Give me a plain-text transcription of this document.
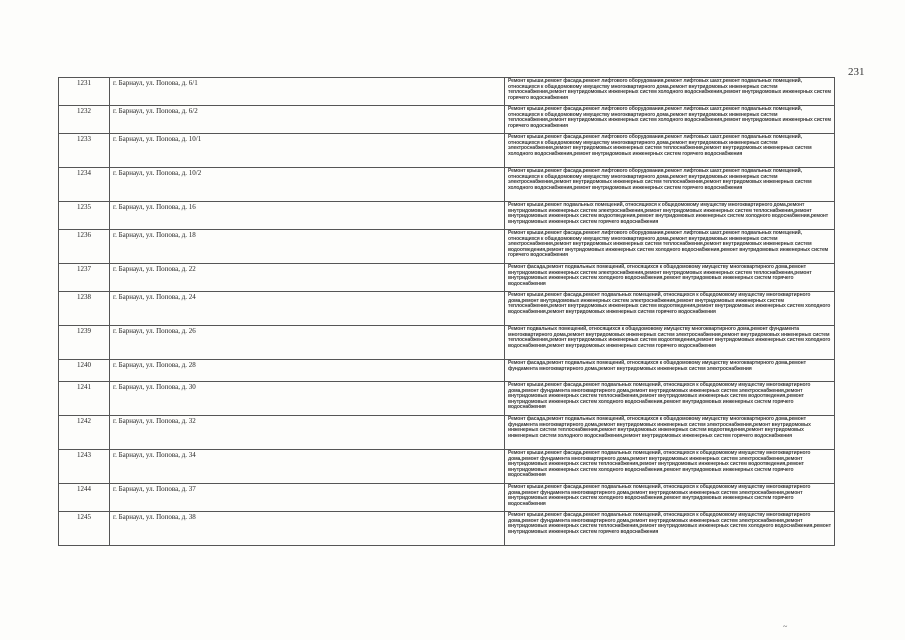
231
1231	г. Барнаул, ул. Попова, д. 6/1	Ремонт крыши,ремонт фасада,ремонт лифтового оборудования,ремонт лифтовых шахт,ремонт подвальных помещений, относящихся к общедомовому имуществу многоквартирного дома,ремонт внутридомовых инженерных систем теплоснабжения,ремонт внутридомовых инженерных систем холодного водоснабжения,ремонт внутридомовых инженерных систем горячего водоснабжения
1232	г. Барнаул, ул. Попова, д. 6/2	Ремонт крыши,ремонт фасада,ремонт лифтового оборудования,ремонт лифтовых шахт,ремонт подвальных помещений, относящихся к общедомовому имуществу многоквартирного дома,ремонт внутридомовых инженерных систем теплоснабжения,ремонт внутридомовых инженерных систем холодного водоснабжения,ремонт внутридомовых инженерных систем горячего водоснабжения
1233	г. Барнаул, ул. Попова, д. 10/1	Ремонт крыши,ремонт фасада,ремонт лифтового оборудования,ремонт лифтовых шахт,ремонт подвальных помещений, относящихся к общедомовому имуществу многоквартирного дома,ремонт внутридомовых инженерных систем электроснабжения,ремонт внутридомовых инженерных систем теплоснабжения,ремонт внутридомовых инженерных систем холодного водоснабжения,ремонт внутридомовых инженерных систем горячего водоснабжения
1234	г. Барнаул, ул. Попова, д. 10/2	Ремонт крыши,ремонт фасада,ремонт лифтового оборудования,ремонт лифтовых шахт,ремонт подвальных помещений, относящихся к общедомовому имуществу многоквартирного дома,ремонт внутридомовых инженерных систем электроснабжения,ремонт внутридомовых инженерных систем теплоснабжения,ремонт внутридомовых инженерных систем холодного водоснабжения,ремонт внутридомовых инженерных систем горячего водоснабжения
1235	г. Барнаул, ул. Попова, д. 16	Ремонт крыши,ремонт подвальных помещений, относящихся к общедомовому имуществу многоквартирного дома,ремонт внутридомовых инженерных систем электроснабжения,ремонт внутридомовых инженерных систем теплоснабжения,ремонт внутридомовых инженерных систем водоотведения,ремонт внутридомовых инженерных систем холодного водоснабжения,ремонт внутридомовых инженерных систем горячего водоснабжения
1236	г. Барнаул, ул. Попова, д. 18	Ремонт крыши,ремонт фасада,ремонт лифтового оборудования,ремонт лифтовых шахт,ремонт подвальных помещений, относящихся к общедомовому имуществу многоквартирного дома,ремонт внутридомовых инженерных систем электроснабжения,ремонт внутридомовых инженерных систем теплоснабжения,ремонт внутридомовых инженерных систем водоотведения,ремонт внутридомовых инженерных систем холодного водоснабжения,ремонт внутридомовых инженерных систем горячего водоснабжения
1237	г. Барнаул, ул. Попова, д. 22	Ремонт фасада,ремонт подвальных помещений, относящихся к общедомовому имуществу многоквартирного дома,ремонт внутридомовых инженерных систем электроснабжения,ремонт внутридомовых инженерных систем теплоснабжения,ремонт внутридомовых инженерных систем холодного водоснабжения,ремонт внутридомовых инженерных систем горячего водоснабжения
1238	г. Барнаул, ул. Попова, д. 24	Ремонт крыши,ремонт фасада,ремонт подвальных помещений, относящихся к общедомовому имуществу многоквартирного дома,ремонт внутридомовых инженерных систем электроснабжения,ремонт внутридомовых инженерных систем теплоснабжения,ремонт внутридомовых инженерных систем водоотведения,ремонт внутридомовых инженерных систем холодного водоснабжения,ремонт внутридомовых инженерных систем горячего водоснабжения
1239	г. Барнаул, ул. Попова, д. 26	Ремонт подвальных помещений, относящихся к общедомовому имуществу многоквартирного дома,ремонт фундамента многоквартирного дома,ремонт внутридомовых инженерных систем электроснабжения,ремонт внутридомовых инженерных систем теплоснабжения,ремонт внутридомовых инженерных систем водоотведения,ремонт внутридомовых инженерных систем холодного водоснабжения,ремонт внутридомовых инженерных систем горячего водоснабжения
1240	г. Барнаул, ул. Попова, д. 28	Ремонт фасада,ремонт подвальных помещений, относящихся к общедомовому имуществу многоквартирного дома,ремонт фундамента многоквартирного дома,ремонт внутридомовых инженерных систем электроснабжения
1241	г. Барнаул, ул. Попова, д. 30	Ремонт крыши,ремонт фасада,ремонт подвальных помещений, относящихся к общедомовому имуществу многоквартирного дома,ремонт фундамента многоквартирного дома,ремонт внутридомовых инженерных систем электроснабжения,ремонт внутридомовых инженерных систем теплоснабжения,ремонт внутридомовых инженерных систем водоотведения,ремонт внутридомовых инженерных систем холодного водоснабжения,ремонт внутридомовых инженерных систем горячего водоснабжения
1242	г. Барнаул, ул. Попова, д. 32	Ремонт фасада,ремонт подвальных помещений, относящихся к общедомовому имуществу многоквартирного дома,ремонт фундамента многоквартирного дома,ремонт внутридомовых инженерных систем электроснабжения,ремонт внутридомовых инженерных систем теплоснабжения,ремонт внутридомовых инженерных систем водоотведения,ремонт внутридомовых инженерных систем холодного водоснабжения,ремонт внутридомовых инженерных систем горячего водоснабжения
1243	г. Барнаул, ул. Попова, д. 34	Ремонт крыши,ремонт фасада,ремонт подвальных помещений, относящихся к общедомовому имуществу многоквартирного дома,ремонт фундамента многоквартирного дома,ремонт внутридомовых инженерных систем электроснабжения,ремонт внутридомовых инженерных систем теплоснабжения,ремонт внутридомовых инженерных систем водоотведения,ремонт внутридомовых инженерных систем холодного водоснабжения,ремонт внутридомовых инженерных систем горячего водоснабжения
1244	г. Барнаул, ул. Попова, д. 37	Ремонт крыши,ремонт фасада,ремонт подвальных помещений, относящихся к общедомовому имуществу многоквартирного дома,ремонт фундамента многоквартирного дома,ремонт внутридомовых инженерных систем электроснабжения,ремонт внутридомовых инженерных систем холодного водоснабжения,ремонт внутридомовых инженерных систем горячего водоснабжения
1245	г. Барнаул, ул. Попова, д. 38	Ремонт крыши,ремонт фасада,ремонт подвальных помещений, относящихся к общедомовому имуществу многоквартирного дома,ремонт фундамента многоквартирного дома,ремонт внутридомовых инженерных систем электроснабжения,ремонт внутридомовых инженерных систем теплоснабжения,ремонт внутридомовых инженерных систем холодного водоснабжения,ремонт внутридомовых инженерных систем горячего водоснабжения
~
